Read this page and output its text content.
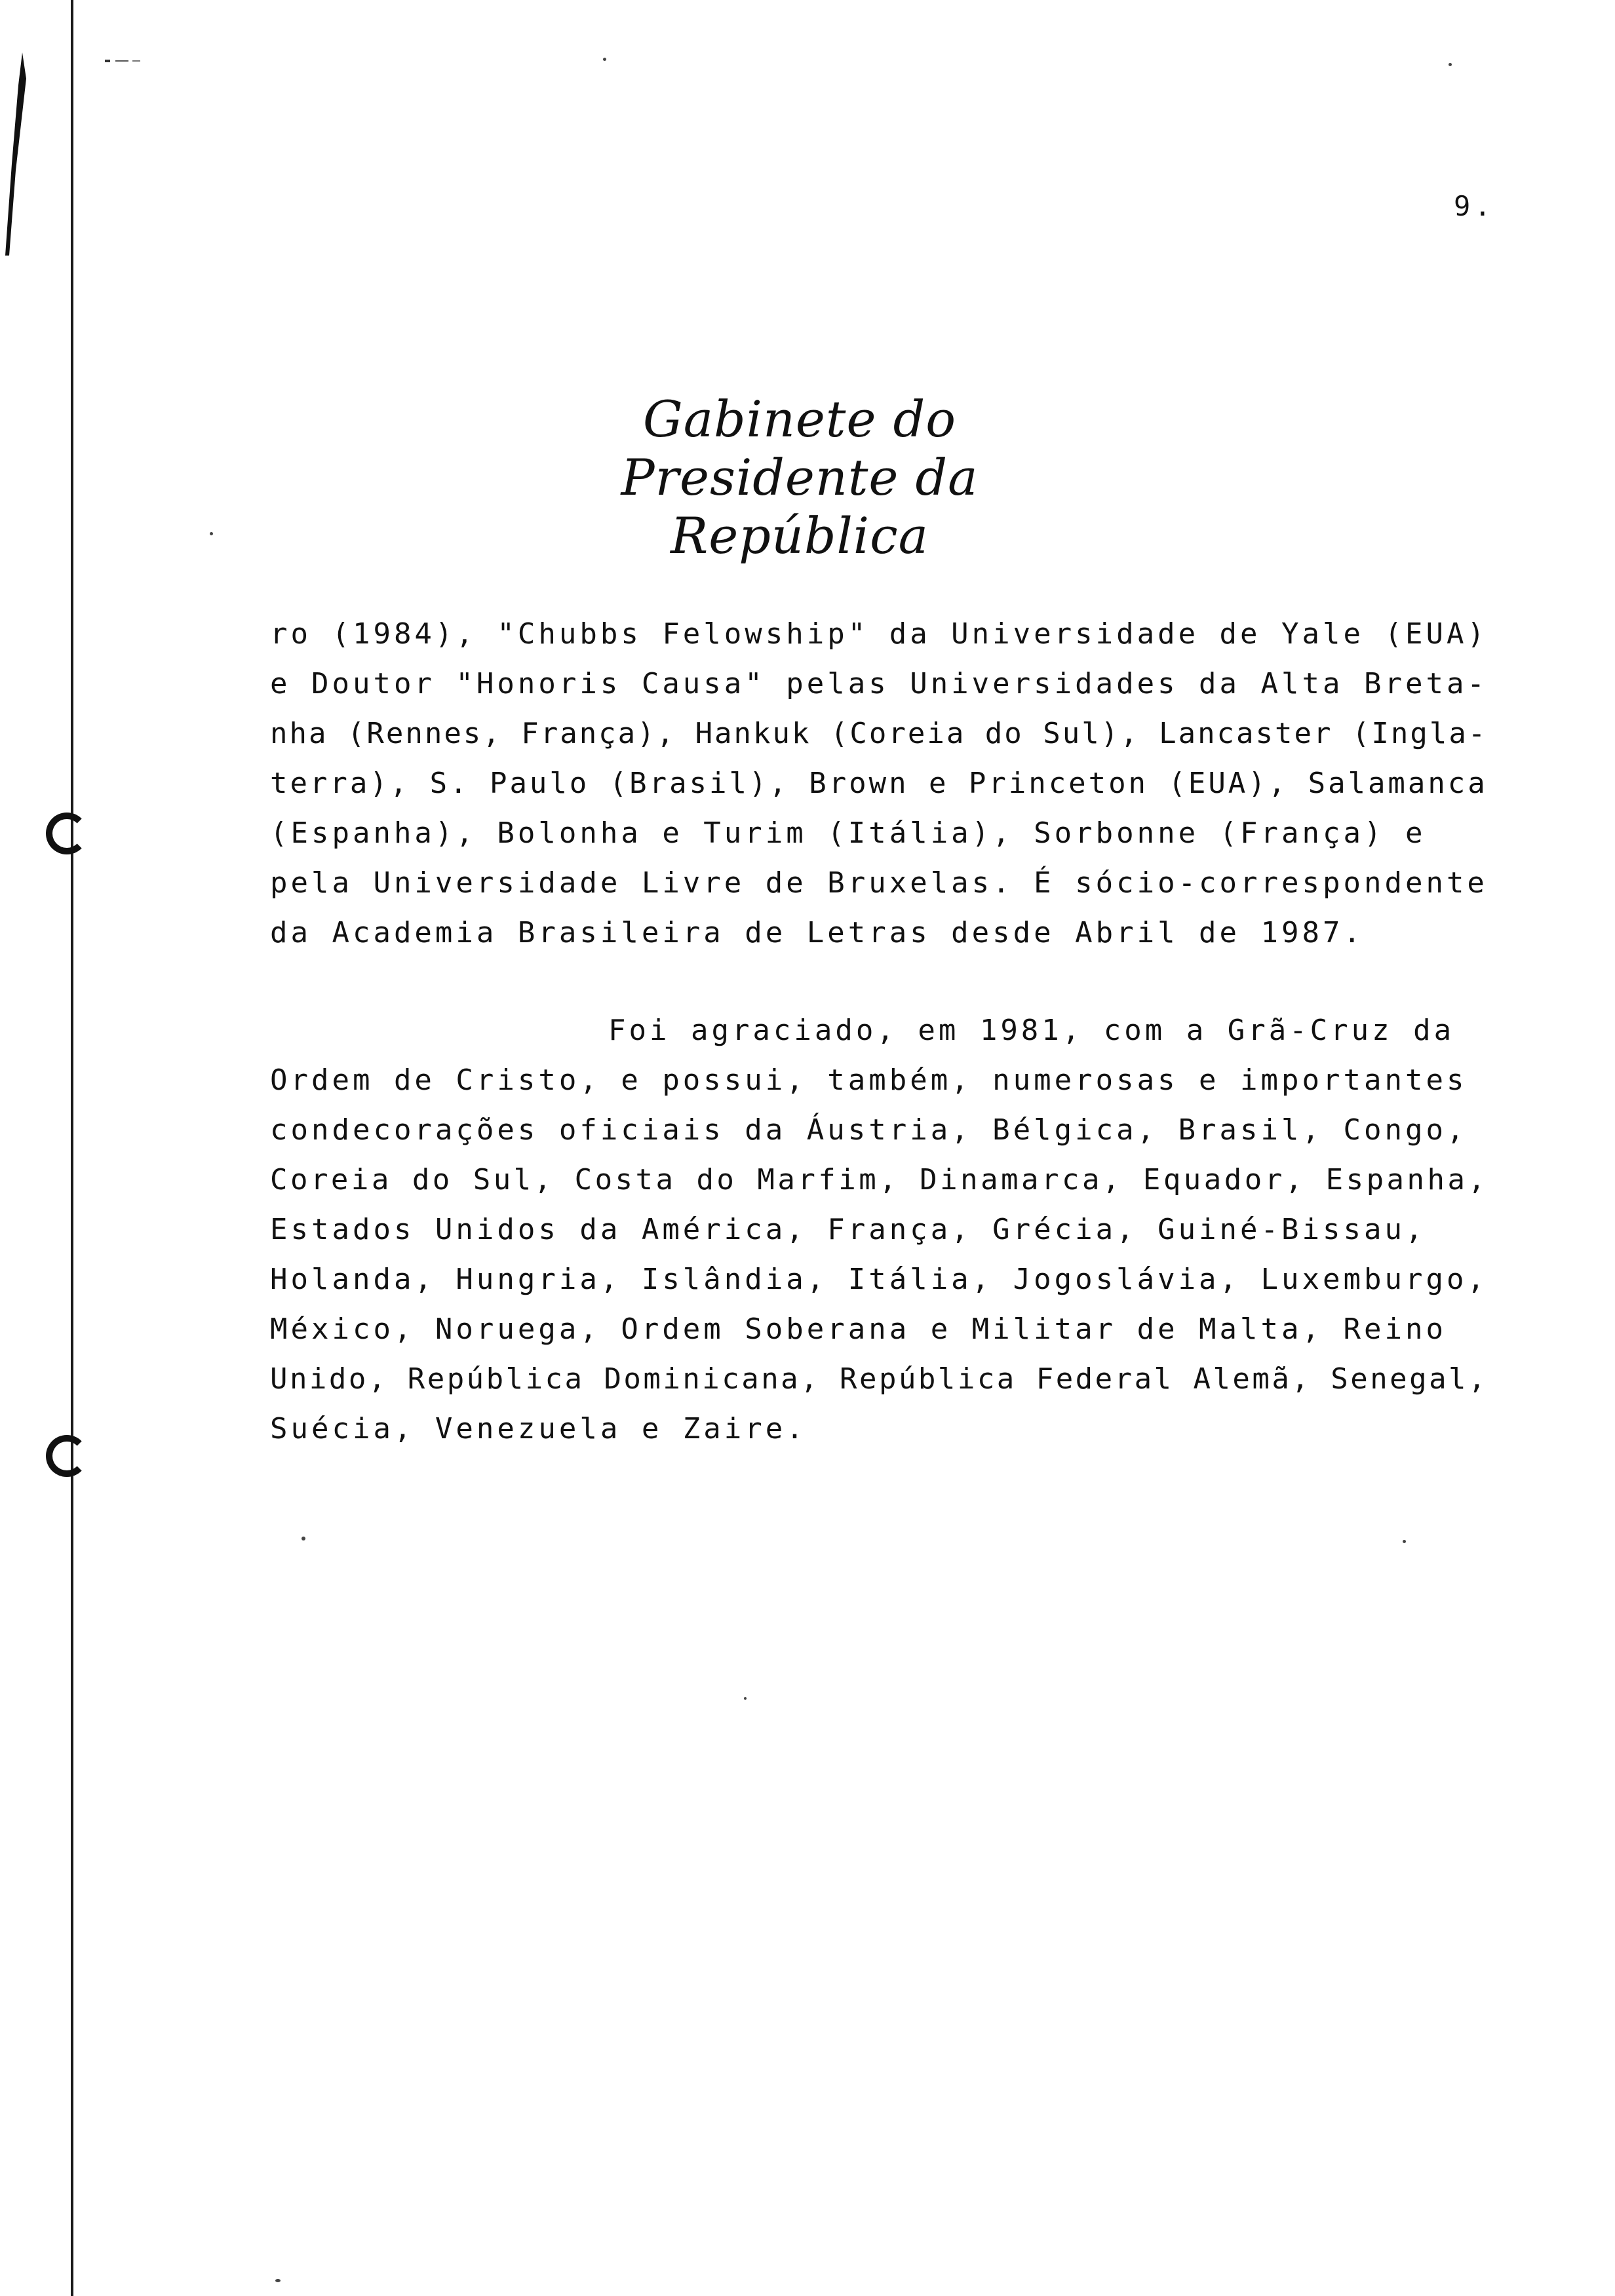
9.
Gabinete do Presidente da República
ro (1984), "Chubbs Felowship" da Universidade de Yale (EUA)
e Doutor "Honoris Causa" pelas Universidades da Alta Breta-
nha (Rennes, França), Hankuk (Coreia do Sul), Lancaster (Ingla-
terra), S. Paulo (Brasil), Brown e Princeton (EUA), Salamanca
(Espanha), Bolonha e Turim (Itália), Sorbonne (França) e
pela Universidade Livre de Bruxelas. É sócio-correspondente
da Academia Brasileira de Letras desde Abril de 1987.
Foi agraciado, em 1981, com a Grã-Cruz da
Ordem de Cristo, e possui, também, numerosas e importantes
condecorações oficiais da Áustria, Bélgica, Brasil, Congo,
Coreia do Sul, Costa do Marfim, Dinamarca, Equador, Espanha,
Estados Unidos da América, França, Grécia, Guiné-Bissau,
Holanda, Hungria, Islândia, Itália, Jogoslávia, Luxemburgo,
México, Noruega, Ordem Soberana e Militar de Malta, Reino
Unido, República Dominicana, República Federal Alemã, Senegal,
Suécia, Venezuela e Zaire.
